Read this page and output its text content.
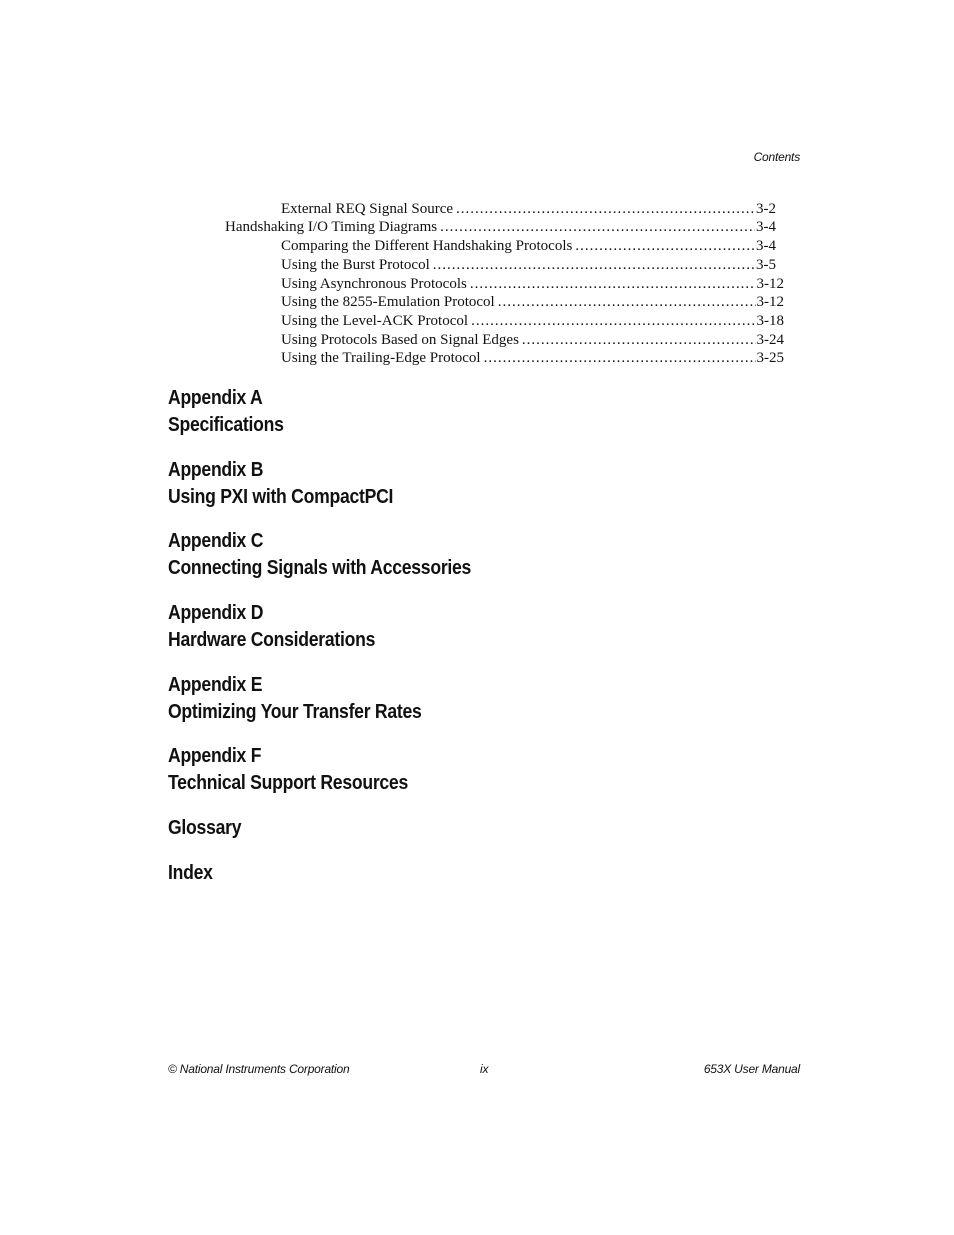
Contents
External REQ Signal Source .....	3-2
Handshaking I/O Timing Diagrams .....	3-4
Comparing the Different Handshaking Protocols .....	3-4
Using the Burst Protocol .....	3-5
Using Asynchronous Protocols .....	3-12
Using the 8255-Emulation Protocol .....	3-12
Using the Level-ACK Protocol .....	3-18
Using Protocols Based on Signal Edges .....	3-24
Using the Trailing-Edge Protocol .....	3-25
Appendix A
Specifications
Appendix B
Using PXI with CompactPCI
Appendix C
Connecting Signals with Accessories
Appendix D
Hardware Considerations
Appendix E
Optimizing Your Transfer Rates
Appendix F
Technical Support Resources
Glossary
Index
© National Instruments Corporation	ix	653X User Manual
